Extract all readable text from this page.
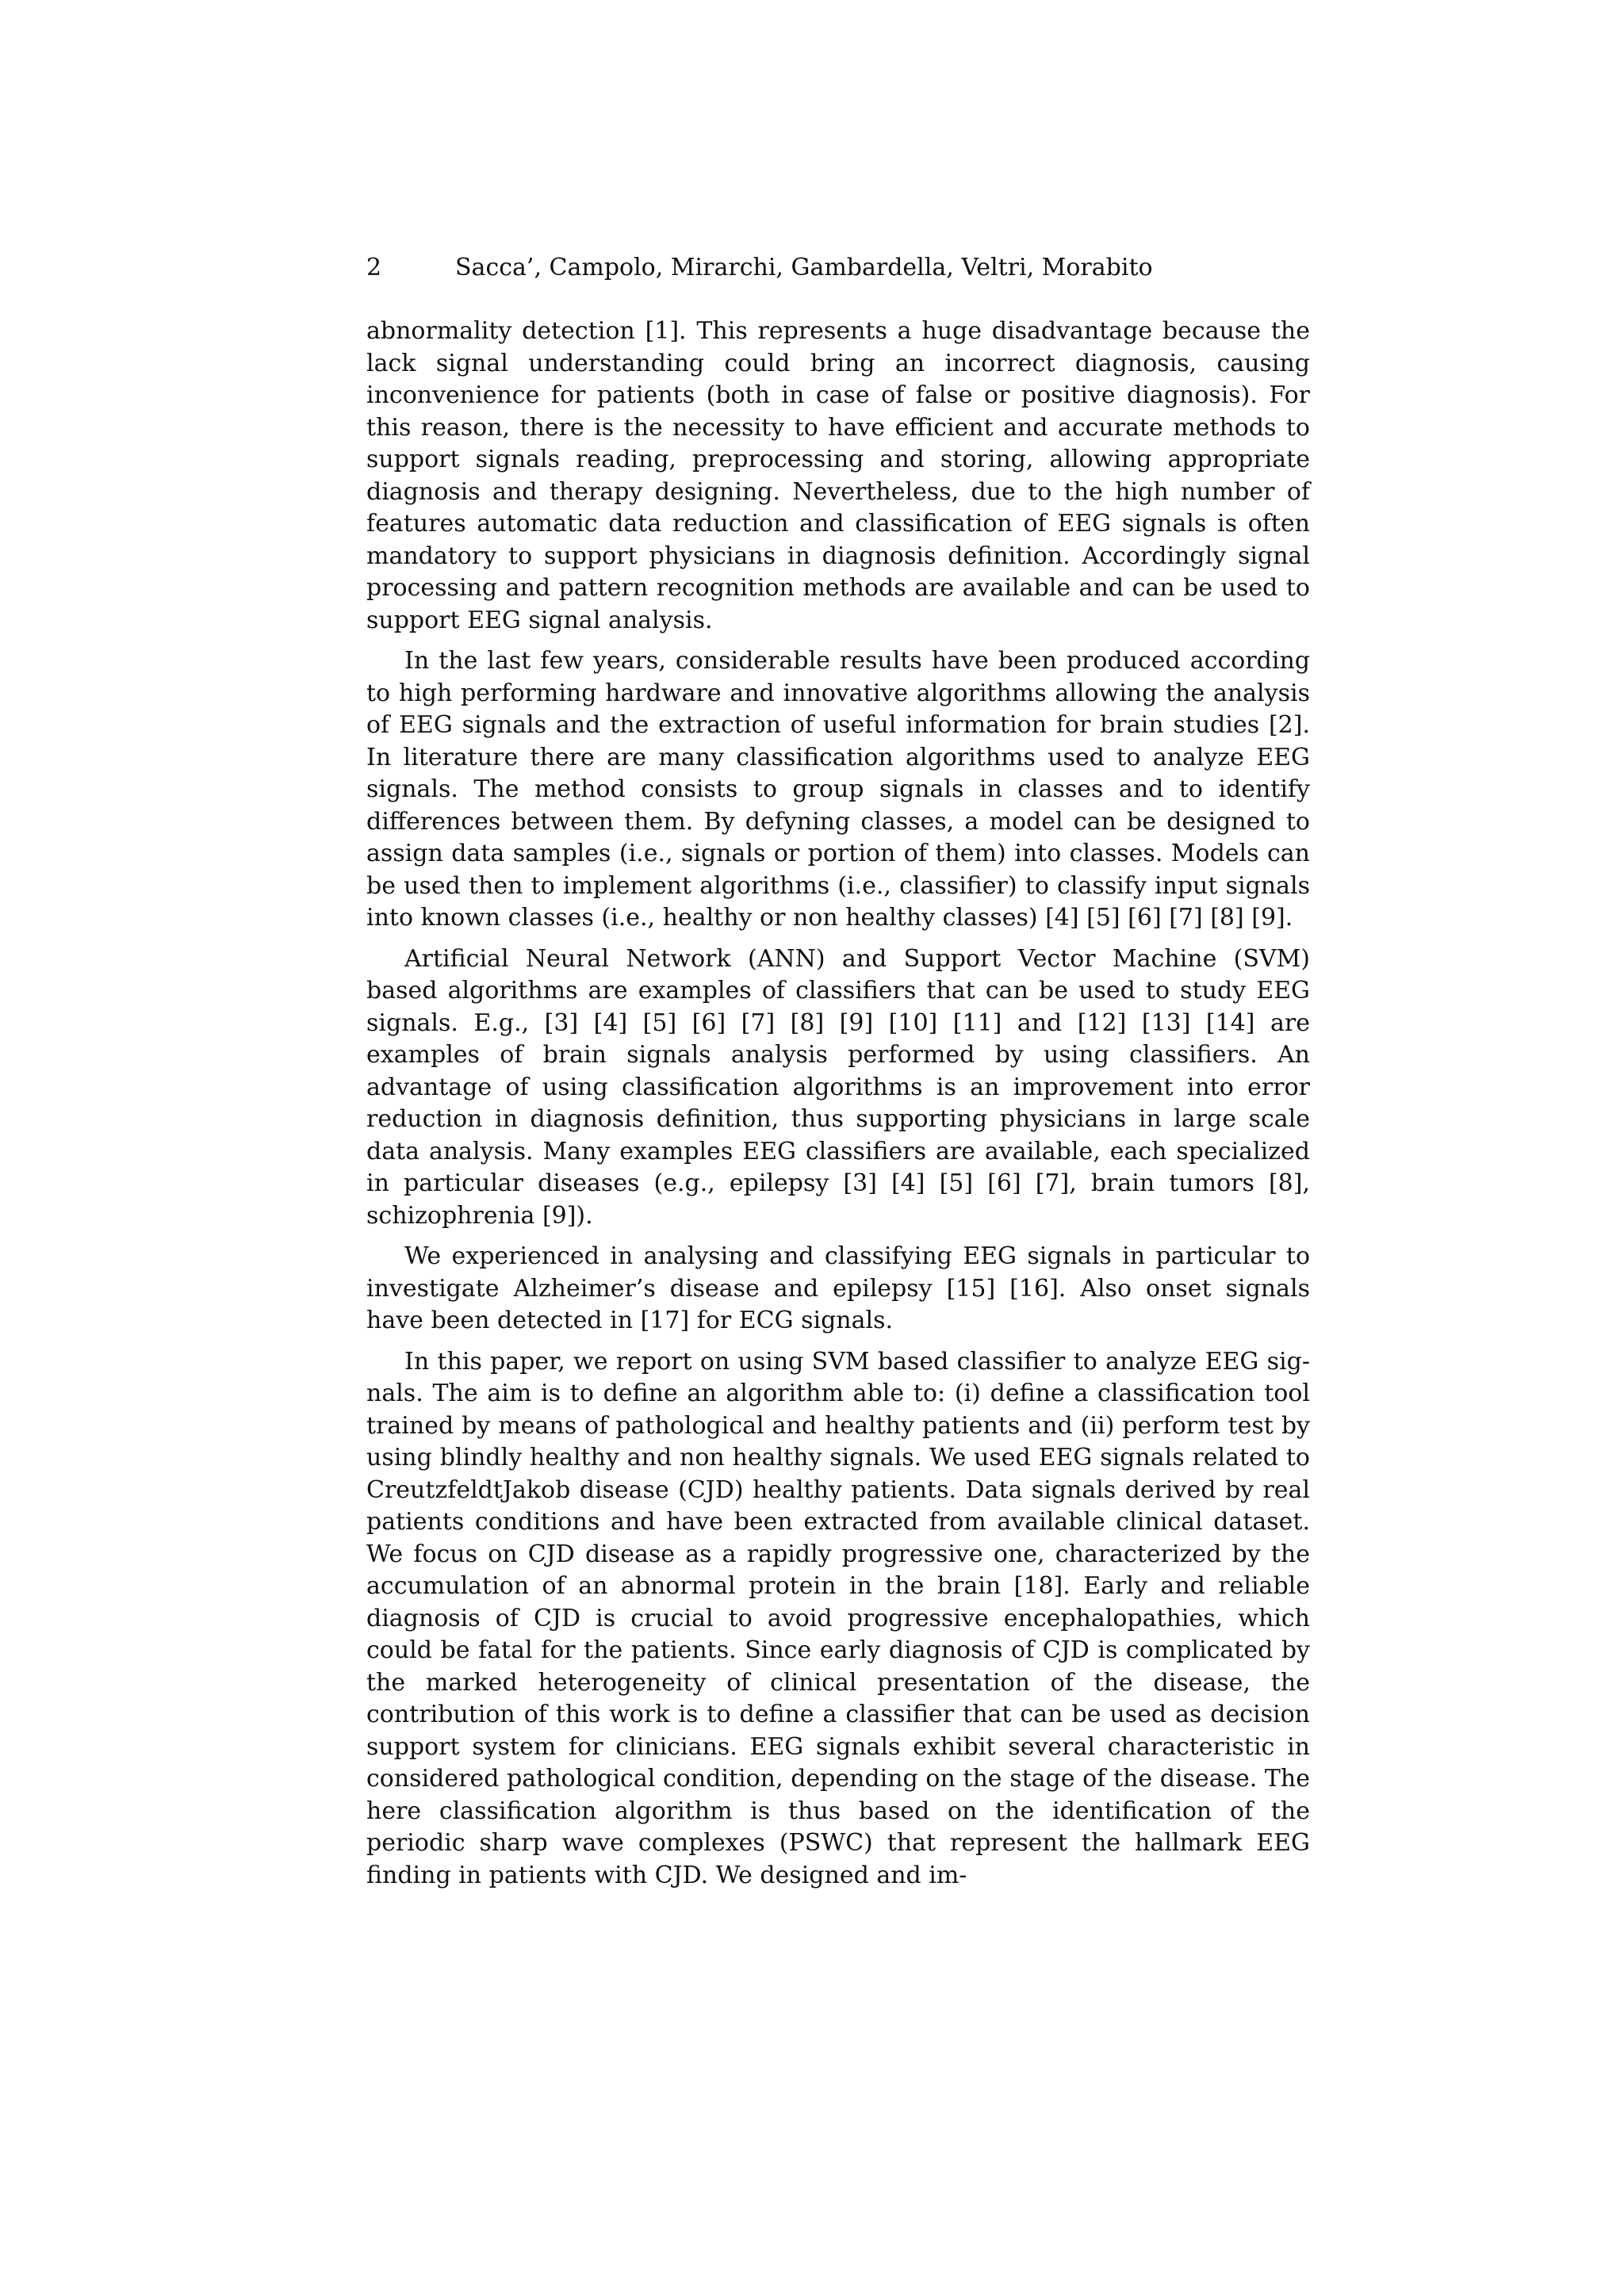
2	Sacca’, Campolo, Mirarchi, Gambardella, Veltri, Morabito

abnormality detection [1]. This represents a huge disadvantage because the lack signal understanding could bring an incorrect diagnosis, causing inconvenience for patients (both in case of false or positive diagnosis). For this reason, there is the necessity to have efficient and accurate methods to support signals reading, preprocessing and storing, allowing appropriate diagnosis and therapy designing. Nevertheless, due to the high number of features automatic data reduction and classification of EEG signals is often mandatory to support physicians in diagnosis definition. Accordingly signal processing and pattern recognition methods are available and can be used to support EEG signal analysis.

In the last few years, considerable results have been produced according to high performing hardware and innovative algorithms allowing the analysis of EEG signals and the extraction of useful information for brain studies [2]. In literature there are many classification algorithms used to analyze EEG signals. The method consists to group signals in classes and to identify differences between them. By defyning classes, a model can be designed to assign data samples (i.e., signals or portion of them) into classes. Models can be used then to implement algorithms (i.e., classifier) to classify input signals into known classes (i.e., healthy or non healthy classes) [4] [5] [6] [7] [8] [9].

Artificial Neural Network (ANN) and Support Vector Machine (SVM) based algorithms are examples of classifiers that can be used to study EEG signals. E.g., [3] [4] [5] [6] [7] [8] [9] [10] [11] and [12] [13] [14] are examples of brain signals analysis performed by using classifiers. An advantage of using classification algorithms is an improvement into error reduction in diagnosis definition, thus supporting physicians in large scale data analysis. Many examples EEG classifiers are available, each specialized in particular diseases (e.g., epilepsy [3] [4] [5] [6] [7], brain tumors [8], schizophrenia [9]).

We experienced in analysing and classifying EEG signals in particular to investigate Alzheimer’s disease and epilepsy [15] [16]. Also onset signals have been detected in [17] for ECG signals.

In this paper, we report on using SVM based classifier to analyze EEG signals. The aim is to define an algorithm able to: (i) define a classification tool trained by means of pathological and healthy patients and (ii) perform test by using blindly healthy and non healthy signals. We used EEG signals related to CreutzfeldtJakob disease (CJD) healthy patients. Data signals derived by real patients conditions and have been extracted from available clinical dataset. We focus on CJD disease as a rapidly progressive one, characterized by the accumulation of an abnormal protein in the brain [18]. Early and reliable diagnosis of CJD is crucial to avoid progressive encephalopathies, which could be fatal for the patients. Since early diagnosis of CJD is complicated by the marked heterogeneity of clinical presentation of the disease, the contribution of this work is to define a classifier that can be used as decision support system for clinicians. EEG signals exhibit several characteristic in considered pathological condition, depending on the stage of the disease. The here classification algorithm is thus based on the identification of the periodic sharp wave complexes (PSWC) that represent the hallmark EEG finding in patients with CJD. We designed and im-
